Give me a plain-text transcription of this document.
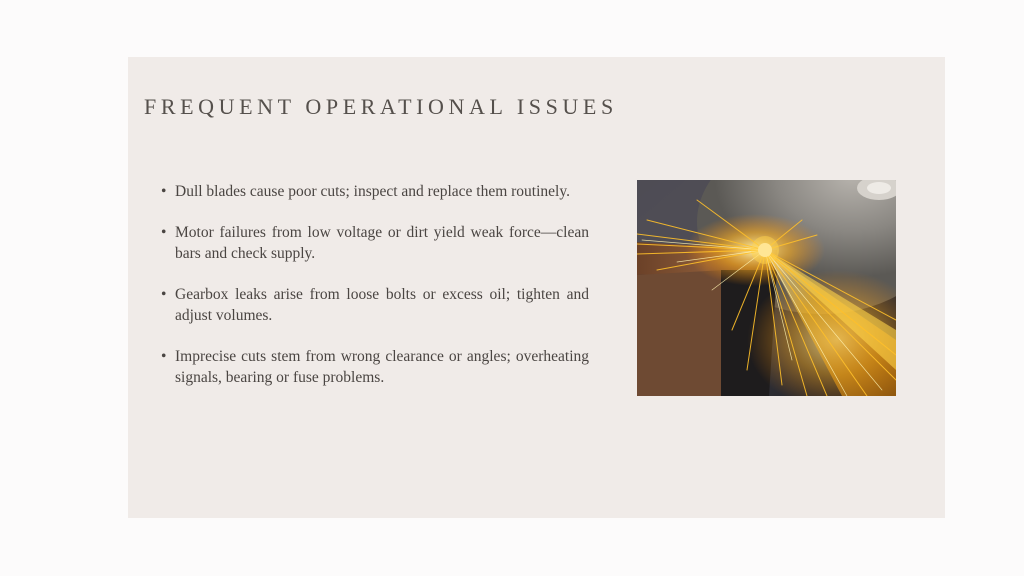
FREQUENT OPERATIONAL ISSUES
• Dull blades cause poor cuts; inspect and replace them routinely.
• Motor failures from low voltage or dirt yield weak force—clean bars and check supply.
• Gearbox leaks arise from loose bolts or excess oil; tighten and adjust volumes.
• Imprecise cuts stem from wrong clearance or angles; overheating signals, bearing or fuse problems.
